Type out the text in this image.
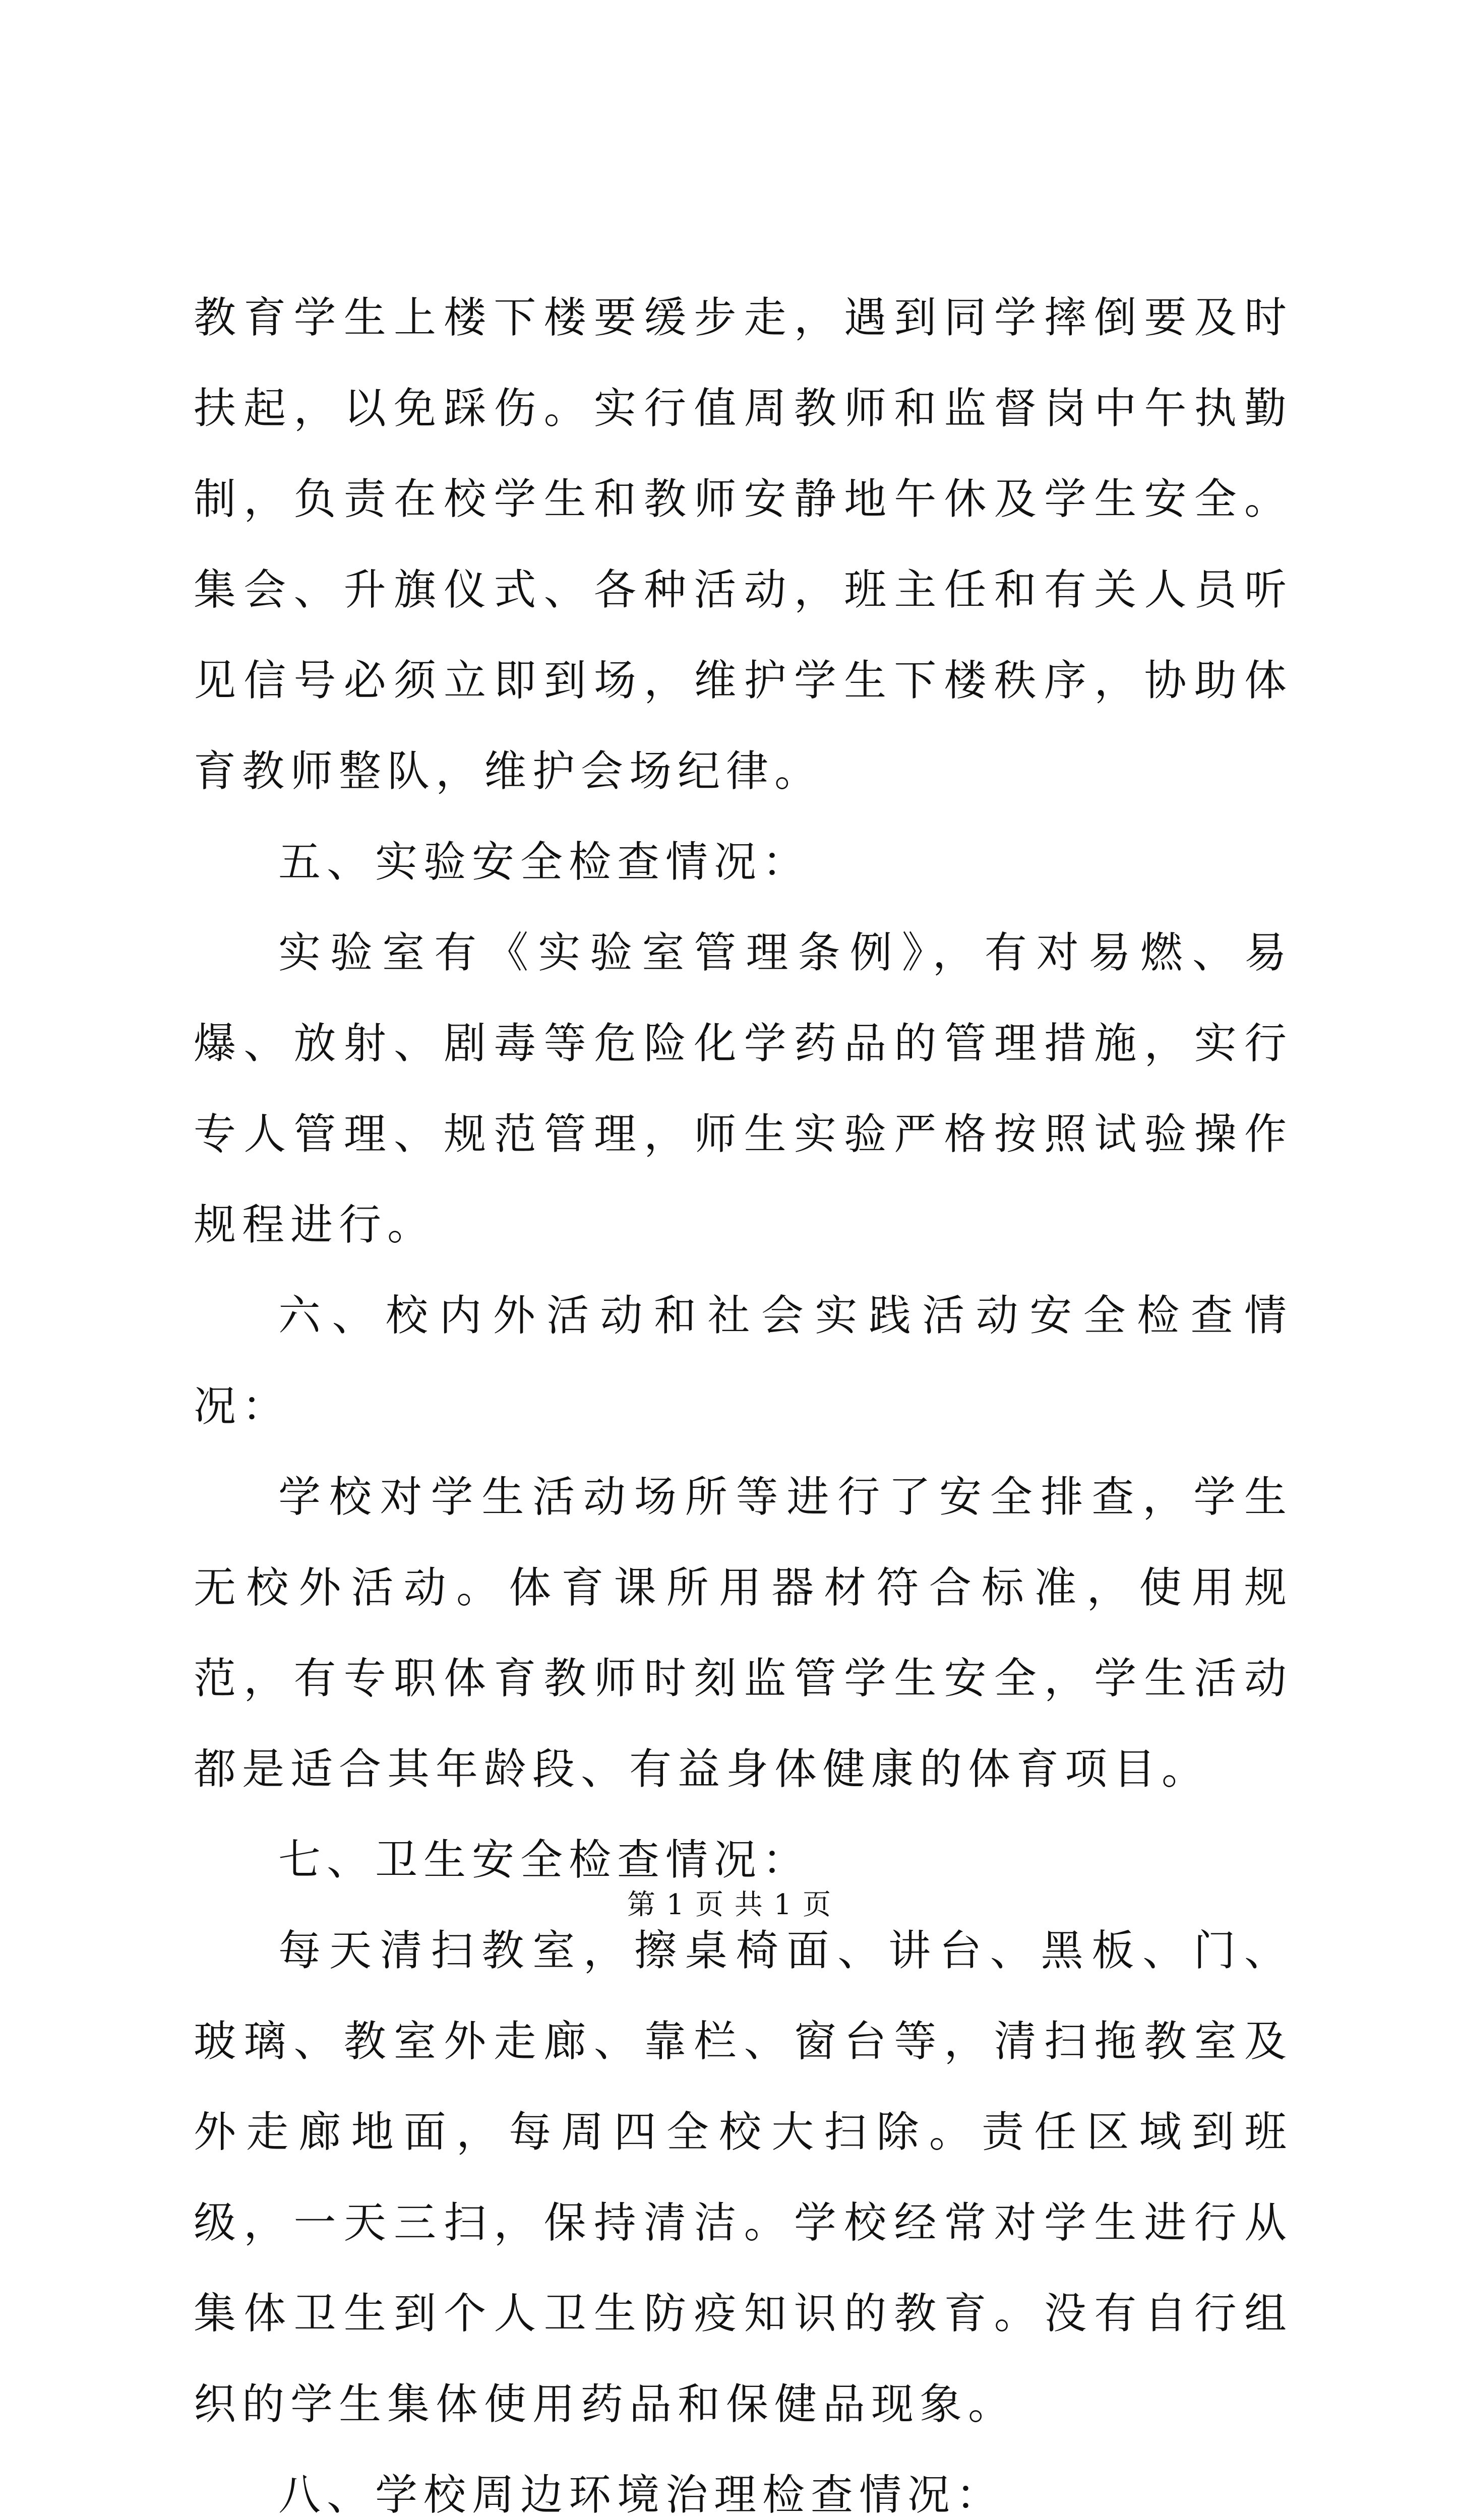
教育学生上楼下楼要缓步走，遇到同学摔倒要及时扶起，以免踩伤。实行值周教师和监督岗中午执勤制，负责在校学生和教师安静地午休及学生安全。集会、升旗仪式、各种活动，班主任和有关人员听见信号必须立即到场，维护学生下楼秩序，协助体育教师整队，维护会场纪律。

五、实验安全检查情况：

实验室有《实验室管理条例》，有对易燃、易爆、放射、剧毒等危险化学药品的管理措施，实行专人管理、规范管理，师生实验严格按照试验操作规程进行。

六、校内外活动和社会实践活动安全检查情况：

学校对学生活动场所等进行了安全排查，学生无校外活动。体育课所用器材符合标准，使用规范，有专职体育教师时刻监管学生安全，学生活动都是适合其年龄段、有益身体健康的体育项目。

七、卫生安全检查情况：

每天清扫教室，擦桌椅面、讲台、黑板、门、玻璃、教室外走廊、靠栏、窗台等，清扫拖教室及外走廊地面，每周四全校大扫除。责任区域到班级，一天三扫，保持清洁。学校经常对学生进行从集体卫生到个人卫生防疫知识的教育。没有自行组织的学生集体使用药品和保健品现象。

八、学校周边环境治理检查情况：

第 1 页 共 1 页
